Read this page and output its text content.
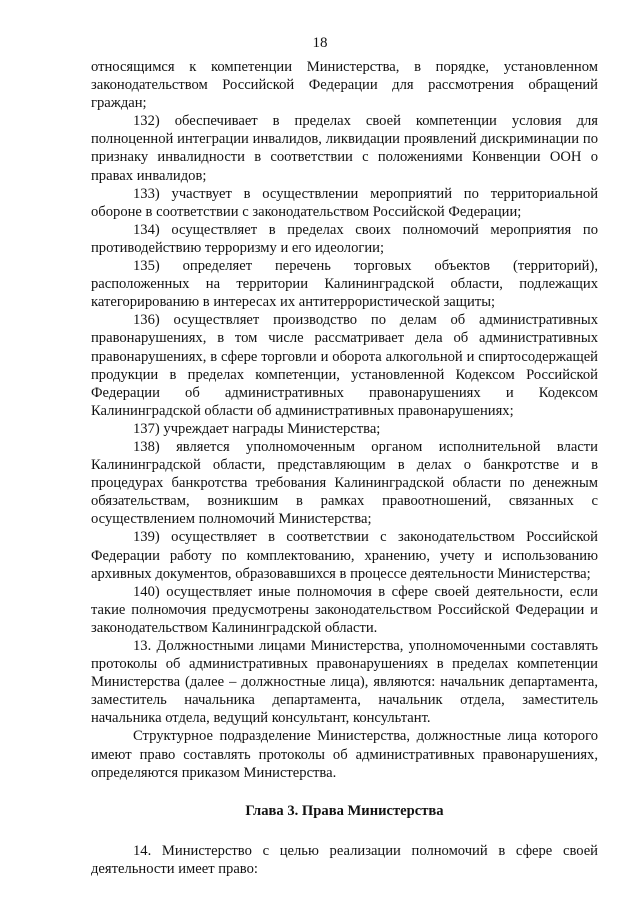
18

относящимся к компетенции Министерства, в порядке, установленном законодательством Российской Федерации для рассмотрения обращений граждан;

132) обеспечивает в пределах своей компетенции условия для полноценной интеграции инвалидов, ликвидации проявлений дискриминации по признаку инвалидности в соответствии с положениями Конвенции ООН о правах инвалидов;

133) участвует в осуществлении мероприятий по территориальной обороне в соответствии с законодательством Российской Федерации;

134) осуществляет в пределах своих полномочий мероприятия по противодействию терроризму и его идеологии;

135) определяет перечень торговых объектов (территорий), расположенных на территории Калининградской области, подлежащих категорированию в интересах их антитеррористической защиты;

136) осуществляет производство по делам об административных правонарушениях, в том числе рассматривает дела об административных правонарушениях, в сфере торговли и оборота алкогольной и спиртосодержащей продукции в пределах компетенции, установленной Кодексом Российской Федерации об административных правонарушениях и Кодексом Калининградской области об административных правонарушениях;

137) учреждает награды Министерства;

138) является уполномоченным органом исполнительной власти Калининградской области, представляющим в делах о банкротстве и в процедурах банкротства требования Калининградской области по денежным обязательствам, возникшим в рамках правоотношений, связанных с осуществлением полномочий Министерства;

139) осуществляет в соответствии с законодательством Российской Федерации работу по комплектованию, хранению, учету и использованию архивных документов, образовавшихся в процессе деятельности Министерства;

140) осуществляет иные полномочия в сфере своей деятельности, если такие полномочия предусмотрены законодательством Российской Федерации и законодательством Калининградской области.

13. Должностными лицами Министерства, уполномоченными составлять протоколы об административных правонарушениях в пределах компетенции Министерства (далее – должностные лица), являются: начальник департамента, заместитель начальника департамента, начальник отдела, заместитель начальника отдела, ведущий консультант, консультант.

Структурное подразделение Министерства, должностные лица которого имеют право составлять протоколы об административных правонарушениях, определяются приказом Министерства.

Глава 3. Права Министерства

14. Министерство с целью реализации полномочий в сфере своей деятельности имеет право:
